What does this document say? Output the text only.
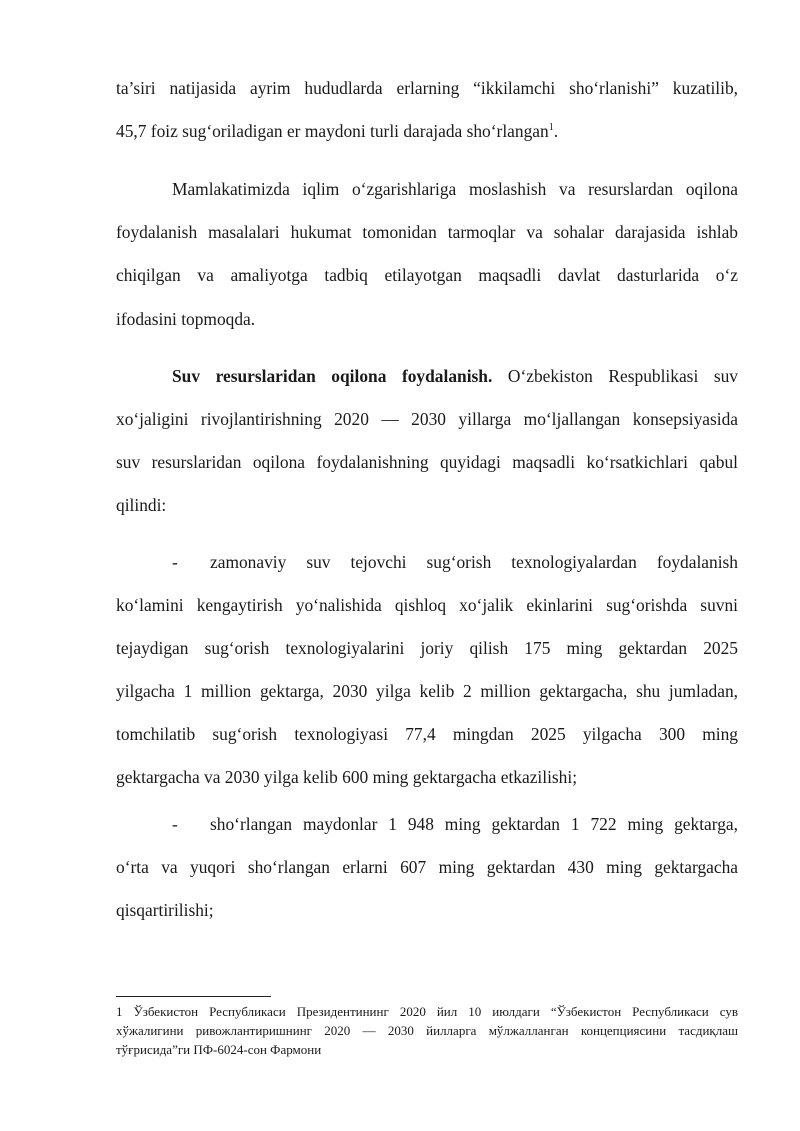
ta’siri natijasida ayrim hududlarda erlarning “ikkilamchi sho‘rlanishi” kuzatilib,
45,7 foiz sug‘oriladigan er maydoni turli darajada sho‘rlangan$^1$.
Mamlakatimizda iqlim o‘zgarishlariga moslashish va resurslardan oqilona
foydalanish masalalari hukumat tomonidan tarmoqlar va sohalar darajasida ishlab
chiqilgan va amaliyotga tadbiq etilayotgan maqsadli davlat dasturlarida o‘z
ifodasini topmoqda.
Suv resurslaridan oqilona foydalanish. O‘zbekiston Respublikasi suv
xo‘jaligini rivojlantirishning 2020 — 2030 yillarga mo‘ljallangan konsepsiyasida
suv resurslaridan oqilona foydalanishning quyidagi maqsadli ko‘rsatkichlari qabul
qilindi:
- zamonaviy suv tejovchi sug‘orish texnologiyalardan foydalanish
ko‘lamini kengaytirish yo‘nalishida qishloq xo‘jalik ekinlarini sug‘orishda suvni
tejaydigan sug‘orish texnologiyalarini joriy qilish 175 ming gektardan 2025
yilgacha 1 million gektarga, 2030 yilga kelib 2 million gektargacha, shu jumladan,
tomchilatib sug‘orish texnologiyasi 77,4 mingdan 2025 yilgacha 300 ming
gektargacha va 2030 yilga kelib 600 ming gektargacha etkazilishi;
- sho‘rlangan maydonlar 1 948 ming gektardan 1 722 ming gektarga,
o‘rta va yuqori sho‘rlangan erlarni 607 ming gektardan 430 ming gektargacha
qisqartirilishi;
1 Ўзбекистон Республикаси Президентининг 2020 йил 10 июлдаги “Ўзбекистон Республикаси сув
хўжалигини ривожлантиришнинг 2020 — 2030 йилларга мўлжалланган концепциясини тасдиқлаш
тўғрисида”ги ПФ-6024-сон Фармони
